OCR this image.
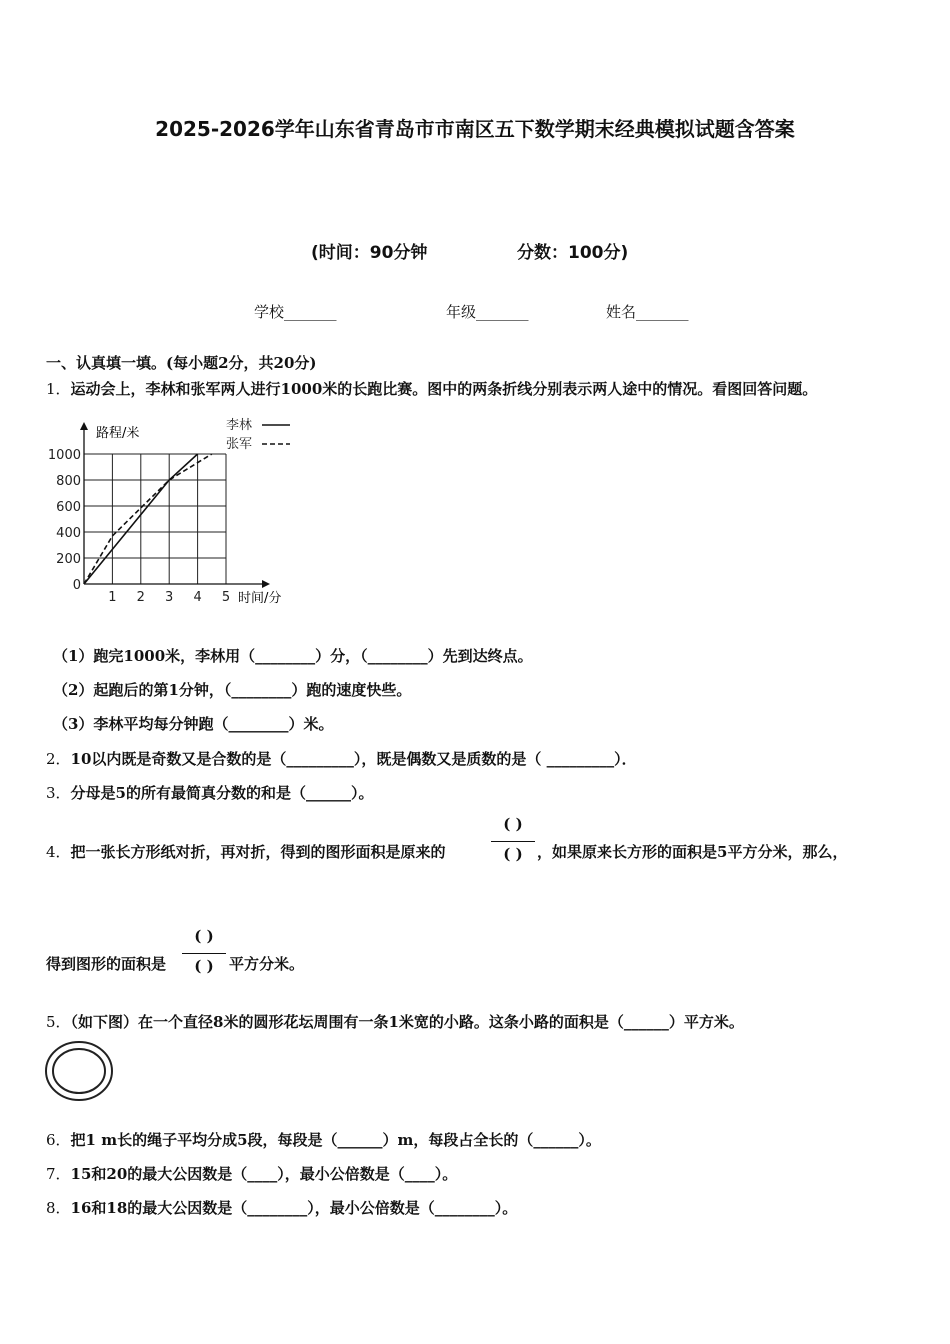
2025-2026学年山东省青岛市市南区五下数学期末经典模拟试题含答案
(时间：90分钟	分数：100分)
学校_______	年级_______	姓名_______
一、认真填一填。(每小题2分，共20分)
1．运动会上，李林和张军两人进行1000米的长跑比赛。图中的两条折线分别表示两人途中的情况。看图回答问题。
1 2 3 4 5
0
200
400
600
800
1000
李林
张军
路程/米
时间/分
（1）跑完1000米，李林用（________）分，（________）先到达终点。
（2）起跑后的第1分钟，（________）跑的速度快些。
（3）李林平均每分钟跑（________）米。
2．10以内既是奇数又是合数的是（_________），既是偶数又是质数的是（ _________）．
3．分母是5的所有最简真分数的和是（______）。
4．把一张长方形纸对折，再对折，得到的图形面积是原来的
( )
( ) ，如果原来长方形的面积是5平方分米，那么，
得到图形的面积是
( )
( )	平方分米。
5．（如下图）在一个直径8米的圆形花坛周围有一条1米宽的小路。这条小路的面积是（______）平方米。
6．把1 m长的绳子平均分成5段，每段是（______）m，每段占全长的（______）。
7．15和20的最大公因数是（____），最小公倍数是（____）。
8．16和18的最大公因数是（________），最小公倍数是（________）。
